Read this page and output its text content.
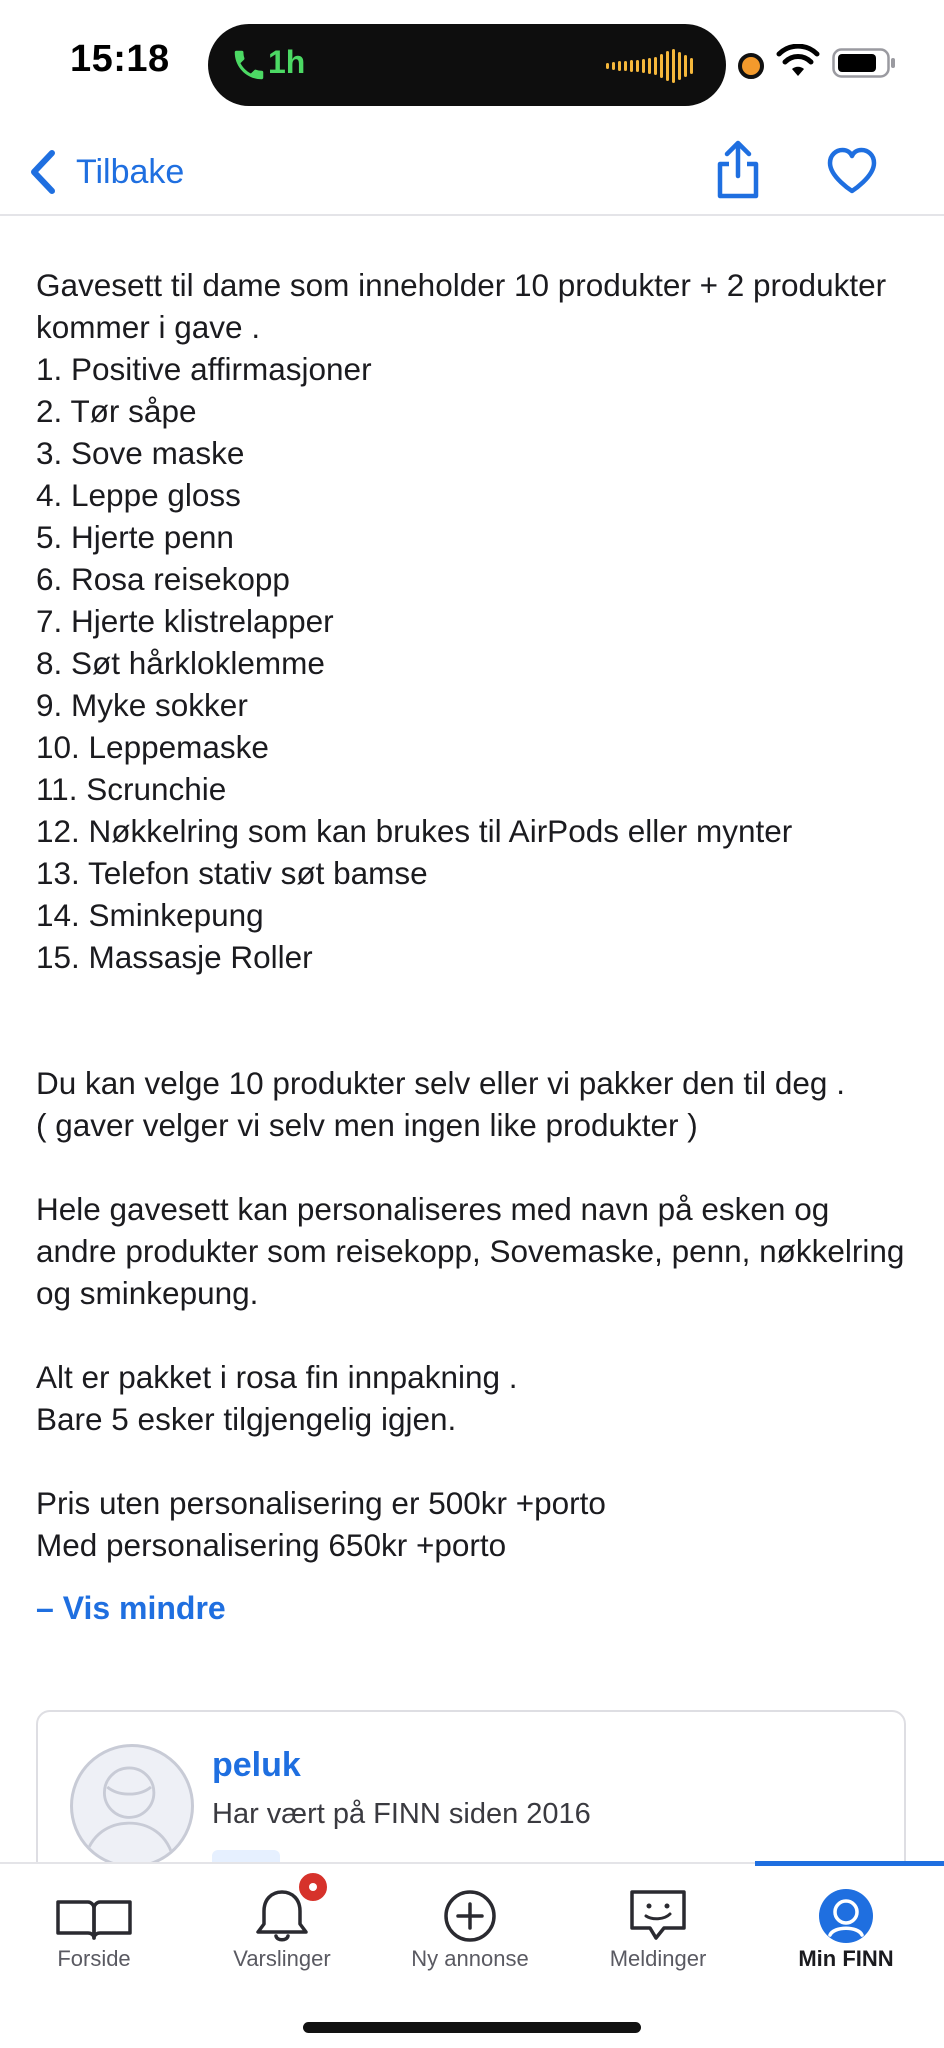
15:18	1h
Tilbake

Gavesett til dame som inneholder 10 produkter + 2 produkter kommer i gave .

1. Positive affirmasjoner

2. Tør såpe

3. Sove maske

4. Leppe gloss

5. Hjerte penn

6. Rosa reisekopp

7. Hjerte klistrelapper

8. Søt hårkloklemme

9. Myke sokker

10. Leppemaske

11. Scrunchie

12. Nøkkelring som kan brukes til AirPods eller mynter

13. Telefon stativ søt bamse

14. Sminkepung

15. Massasje Roller

Du kan velge 10 produkter selv eller vi pakker den til deg .

( gaver velger vi selv men ingen like produkter )

Hele gavesett kan personaliseres med navn på esken og andre produkter som reisekopp, Sovemaske, penn, nøkkelring og sminkepung.

Alt er pakket i rosa fin innpakning .

Bare 5 esker tilgjengelig igjen.

Pris uten personalisering er 500kr +porto

Med personalisering 650kr +porto

– Vis mindre
peluk
Har vært på FINN siden 2016
Forside	Varslinger	Ny annonse	Meldinger	Min FINN
